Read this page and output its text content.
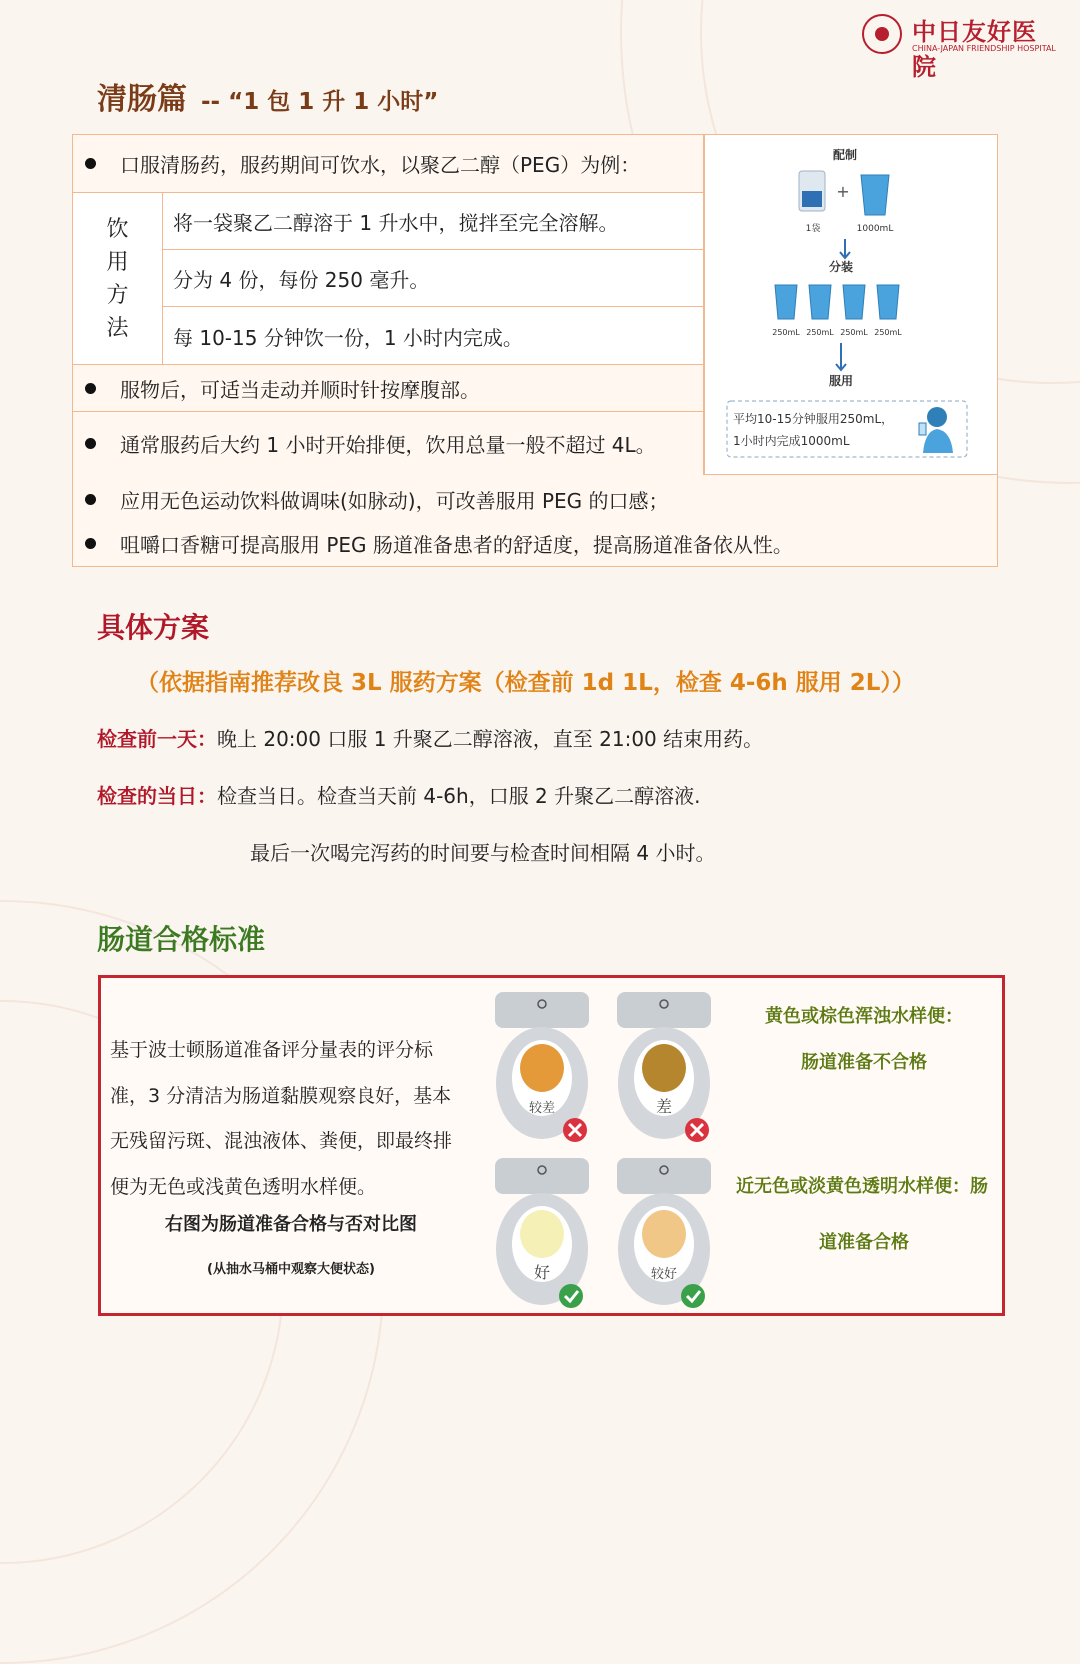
中日友好医院
CHINA-JAPAN FRIENDSHIP HOSPITAL
清肠篇 -- “1 包 1 升 1 小时”
口服清肠药，服药期间可饮水，以聚乙二醇（PEG）为例：
饮
用
方
法
将一袋聚乙二醇溶于 1 升水中，搅拌至完全溶解。
分为 4 份，每份 250 毫升。
每 10-15 分钟饮一份，1 小时内完成。
服物后，可适当走动并顺时针按摩腹部。
通常服药后大约 1 小时开始排便，饮用总量一般不超过 4L。
配制
+
1袋	1000mL
分装
250mL 250mL 250mL 250mL
服用
平均10-15分钟服用250mL，
1小时内完成1000mL
应用无色运动饮料做调味(如脉动)，可改善服用 PEG 的口感；
咀嚼口香糖可提高服用 PEG 肠道准备患者的舒适度，提高肠道准备依从性。
具体方案
（依据指南推荐改良 3L 服药方案（检查前 1d 1L，检查 4-6h 服用 2L））
检查前一天：晚上 20:00 口服 1 升聚乙二醇溶液，直至 21:00 结束用药。
检查的当日：检查当日。检查当天前 4-6h，口服 2 升聚乙二醇溶液.
最后一次喝完泻药的时间要与检查时间相隔 4 小时。
肠道合格标准
基于波士顿肠道准备评分量表的评分标
准，3 分清洁为肠道黏膜观察良好，基本
无残留污斑、混浊液体、粪便，即最终排
便为无色或浅黄色透明水样便。
右图为肠道准备合格与否对比图
(从抽水马桶中观察大便状态)
较差	差
好	较好
黄色或棕色浑浊水样便：
肠道准备不合格
近无色或淡黄色透明水样便：肠
道准备合格
